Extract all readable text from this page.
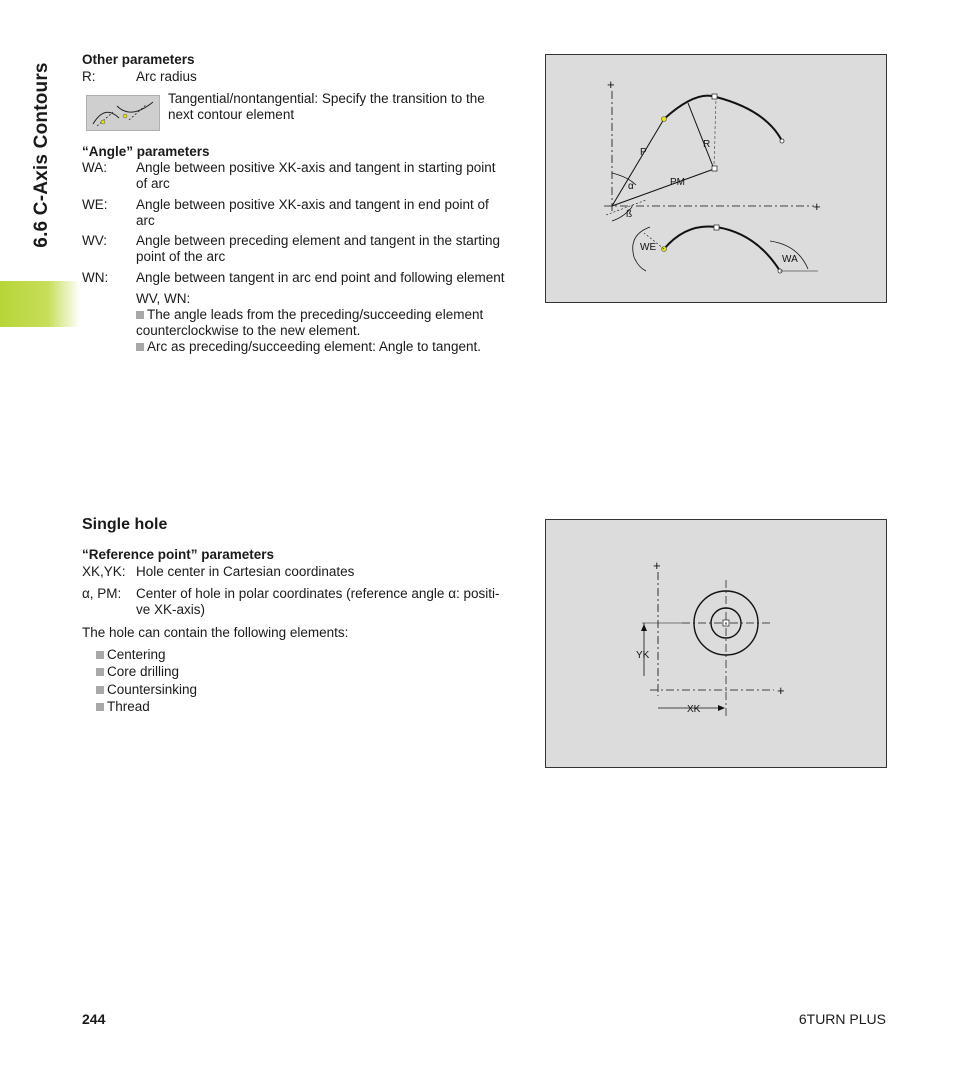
6.6 C-Axis Contours
Other parameters
R:	Arc radius
Tangential/nontangential: Specify the transition to the
next contour element
“Angle” parameters
WA: Angle between positive XK-axis and tangent in starting point
of arc
WE: Angle between positive XK-axis and tangent in end point of
arc
WV: Angle between preceding element and tangent in the starting
point of the arc
WN: Angle between tangent in arc end point and following element
WV, WN:
The angle leads from the preceding/succeeding element
counterclockwise to the new element.
Arc as preceding/succeeding element: Angle to tangent.
+
+
P
R
α	PM
ß
WE
WA
Single hole
“Reference point” parameters
XK,YK: Hole center in Cartesian coordinates
α, PM: Center of hole in polar coordinates (reference angle α: positi-
ve XK-axis)
The hole can contain the following elements:
Centering
Core drilling
Countersinking
Thread
+
+
YK
XK
244	6TURN PLUS
